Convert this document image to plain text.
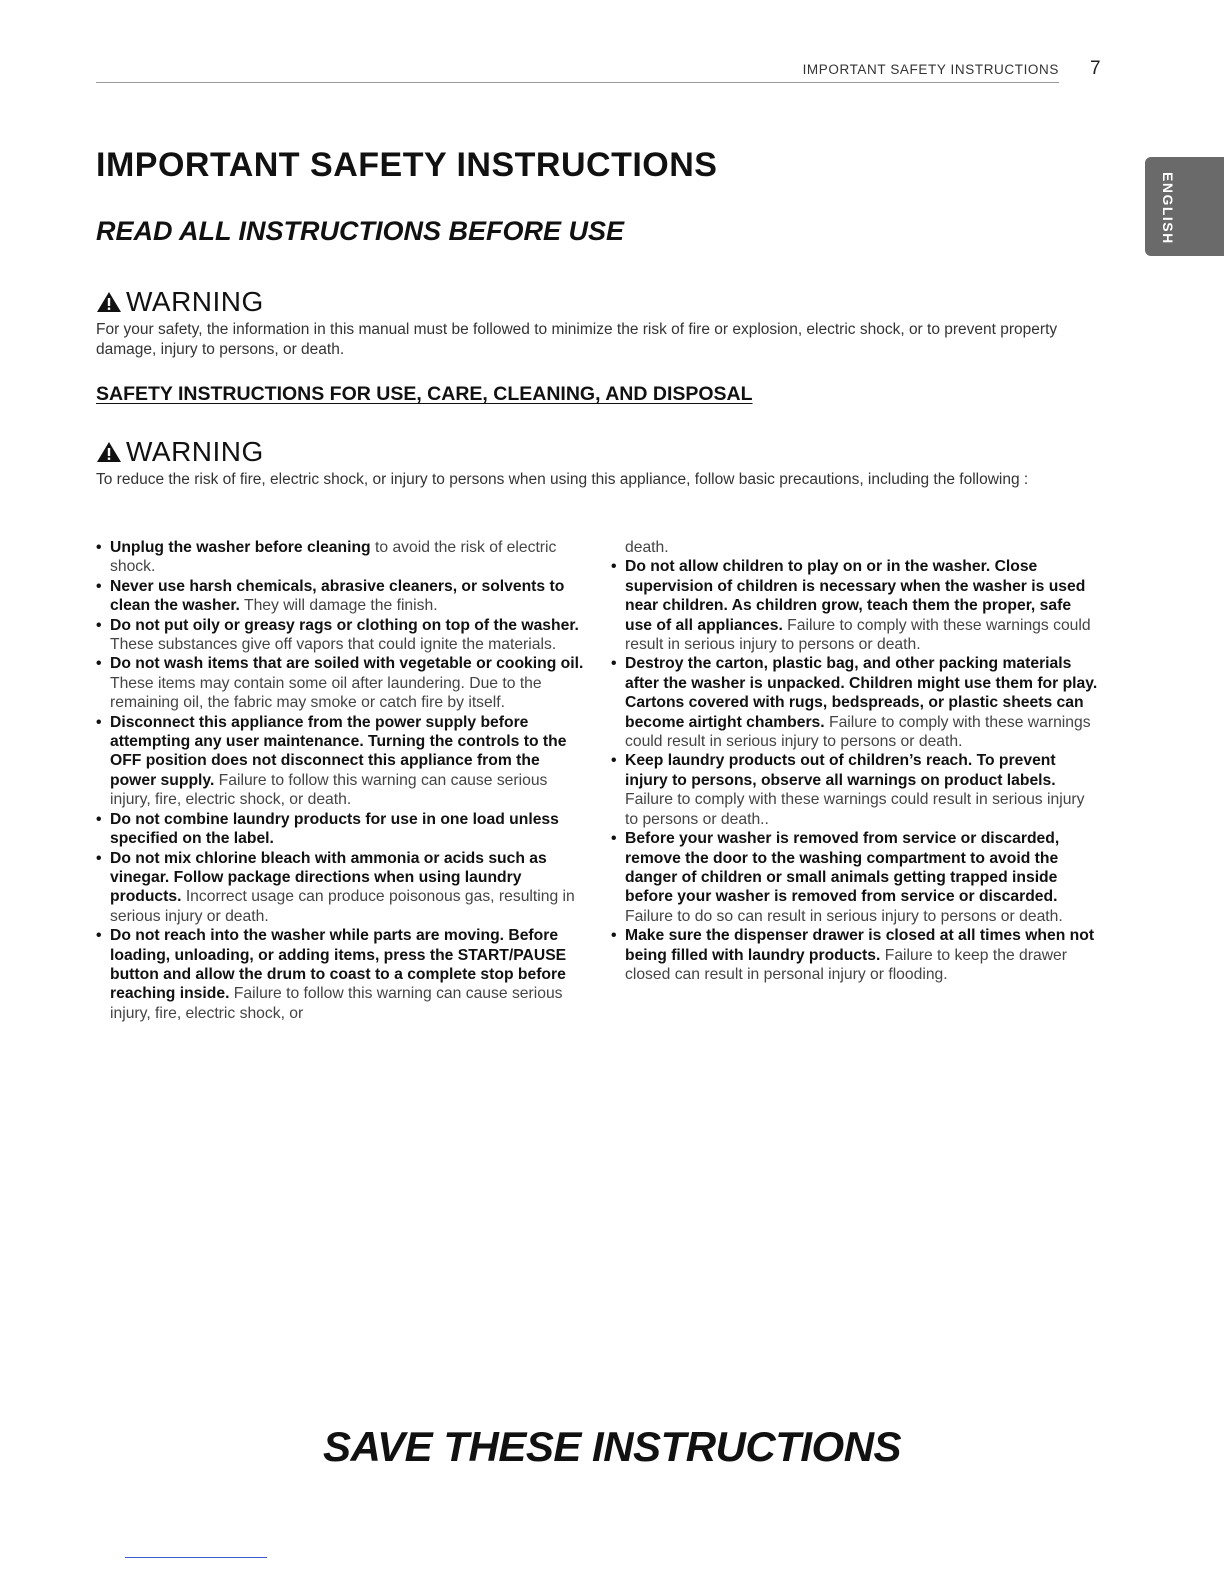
IMPORTANT SAFETY INSTRUCTIONS 7
ENGLISH
IMPORTANT SAFETY INSTRUCTIONS
READ ALL INSTRUCTIONS BEFORE USE
WARNING

For your safety, the information in this manual must be followed to minimize the risk of fire or explosion, electric shock, or to prevent property damage, injury to persons, or death.

SAFETY INSTRUCTIONS FOR USE, CARE, CLEANING, AND DISPOSAL
WARNING

To reduce the risk of fire, electric shock, or injury to persons when using this appliance, follow basic precautions, including the following :

• Unplug the washer before cleaning to avoid the risk of electric shock.
• Never use harsh chemicals, abrasive cleaners, or solvents to clean the washer. They will damage the finish.
• Do not put oily or greasy rags or clothing on top of the washer. These substances give off vapors that could ignite the materials.
• Do not wash items that are soiled with vegetable or cooking oil. These items may contain some oil after laundering. Due to the remaining oil, the fabric may smoke or catch fire by itself.
• Disconnect this appliance from the power supply before attempting any user maintenance. Turning the controls to the OFF position does not disconnect this appliance from the power supply. Failure to follow this warning can cause serious injury, fire, electric shock, or death.
• Do not combine laundry products for use in one load unless specified on the label.
• Do not mix chlorine bleach with ammonia or acids such as vinegar. Follow package directions when using laundry products. Incorrect usage can produce poisonous gas, resulting in serious injury or death.
• Do not reach into the washer while parts are moving. Before loading, unloading, or adding items, press the START/PAUSE button and allow the drum to coast to a complete stop before reaching inside. Failure to follow this warning can cause serious injury, fire, electric shock, or
death.
• Do not allow children to play on or in the washer. Close supervision of children is necessary when the washer is used near children. As children grow, teach them the proper, safe use of all appliances. Failure to comply with these warnings could result in serious injury to persons or death.
• Destroy the carton, plastic bag, and other packing materials after the washer is unpacked. Children might use them for play. Cartons covered with rugs, bedspreads, or plastic sheets can become airtight chambers. Failure to comply with these warnings could result in serious injury to persons or death.
• Keep laundry products out of children’s reach. To prevent injury to persons, observe all warnings on product labels. Failure to comply with these warnings could result in serious injury to persons or death..
• Before your washer is removed from service or discarded, remove the door to the washing compartment to avoid the danger of children or small animals getting trapped inside before your washer is removed from service or discarded. Failure to do so can result in serious injury to persons or death.
• Make sure the dispenser drawer is closed at all times when not being filled with laundry products. Failure to keep the drawer closed can result in personal injury or flooding.

SAVE THESE INSTRUCTIONS
